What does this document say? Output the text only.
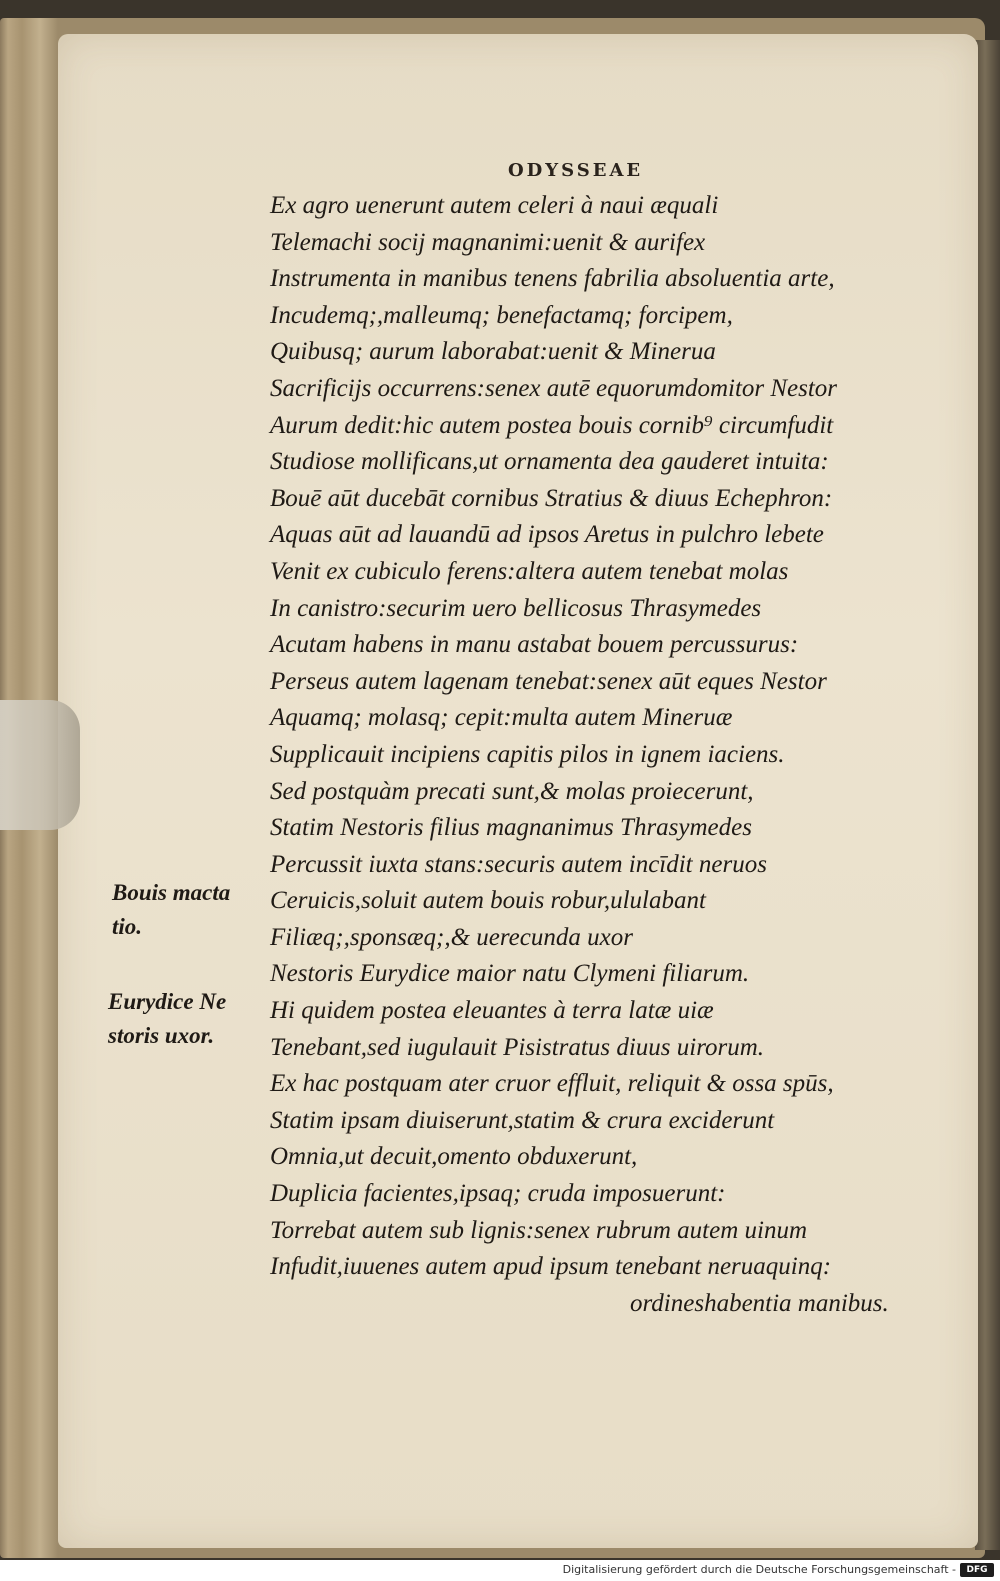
ODYSSEAE
Ex agro uenerunt autem celeri à naui æquali
Telemachi socij magnanimi:uenit & aurifex
Instrumenta in manibus tenens fabrilia absoluentia arte,
Incudemq;,malleumq; benefactamq; forcipem,
Quibusq; aurum laborabat:uenit & Minerua
Sacrificijs occurrens:senex autē equorumdomitor Nestor
Aurum dedit:hic autem postea bouis cornib⁹ circumfudit
Studiose mollificans,ut ornamenta dea gauderet intuita:
Bouē aūt ducebāt cornibus Stratius & diuus Echephron:
Aquas aūt ad lauandū ad ipsos Aretus in pulchro lebete
Venit ex cubiculo ferens:altera autem tenebat molas
In canistro:securim uero bellicosus Thrasymedes
Acutam habens in manu astabat bouem percussurus:
Perseus autem lagenam tenebat:senex aūt eques Nestor
Aquamq; molasq; cepit:multa autem Mineruæ
Supplicauit incipiens capitis pilos in ignem iaciens.
Sed postquàm precati sunt,& molas proiecerunt,
Statim Nestoris filius magnanimus Thrasymedes
Percussit iuxta stans:securis autem incīdit neruos
Ceruicis,soluit autem bouis robur,ululabant
Filiæq;,sponsæq;,& uerecunda uxor
Nestoris Eurydice maior natu Clymeni filiarum.
Hi quidem postea eleuantes à terra latæ uiæ
Tenebant,sed iugulauit Pisistratus diuus uirorum.
Ex hac postquam ater cruor effluit, reliquit & ossa spūs,
Statim ipsam diuiserunt,statim & crura exciderunt
Omnia,ut decuit,omento obduxerunt,
Duplicia facientes,ipsaq; cruda imposuerunt:
Torrebat autem sub lignis:senex rubrum autem uinum
Infudit,iuuenes autem apud ipsum tenebant neruaquinq:
ordineshabentia manibus.
Bouis macta
tio.
Eurydice Ne
storis uxor.
Digitalisierung gefördert durch die Deutsche Forschungsgemeinschaft -	DFG
